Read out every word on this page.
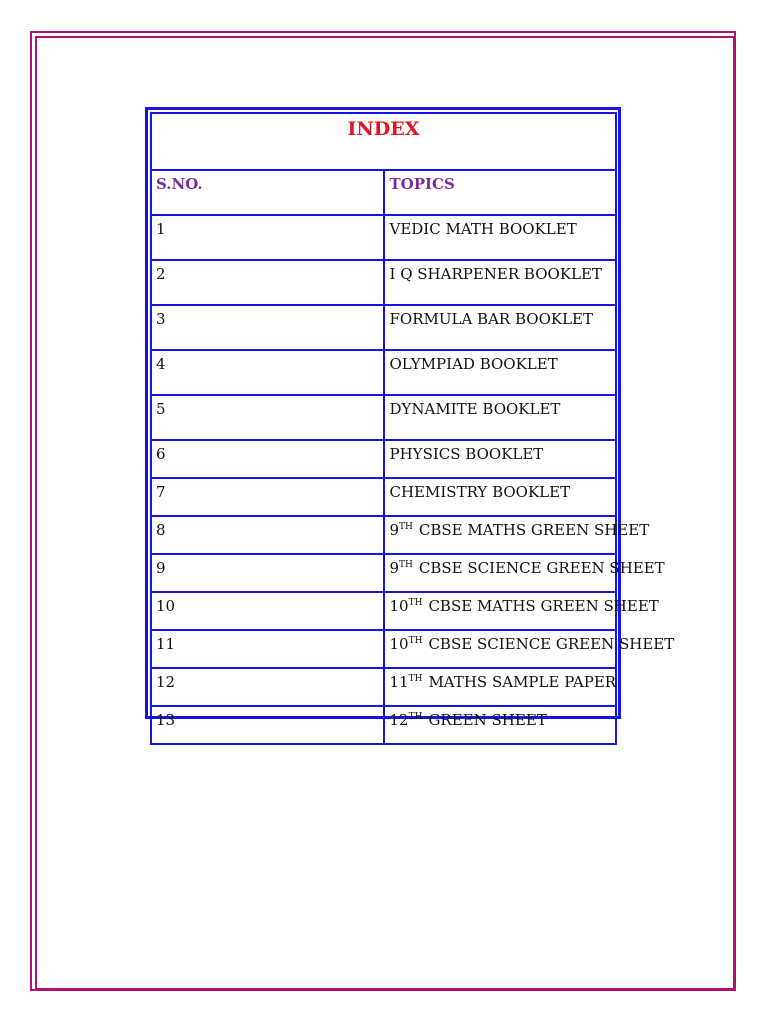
INDEX	
S.NO.	TOPICS
1	VEDIC MATH BOOKLET
2	I Q SHARPENER BOOKLET
3	FORMULA BAR BOOKLET
4	OLYMPIAD BOOKLET
5	DYNAMITE BOOKLET
6	PHYSICS BOOKLET
7	CHEMISTRY BOOKLET
8	9TH CBSE MATHS GREEN SHEET
9	9TH CBSE SCIENCE GREEN SHEET
10	10TH CBSE MATHS GREEN SHEET
11	10TH CBSE SCIENCE GREEN SHEET
12	11TH MATHS SAMPLE PAPER
13	12TH GREEN SHEET
